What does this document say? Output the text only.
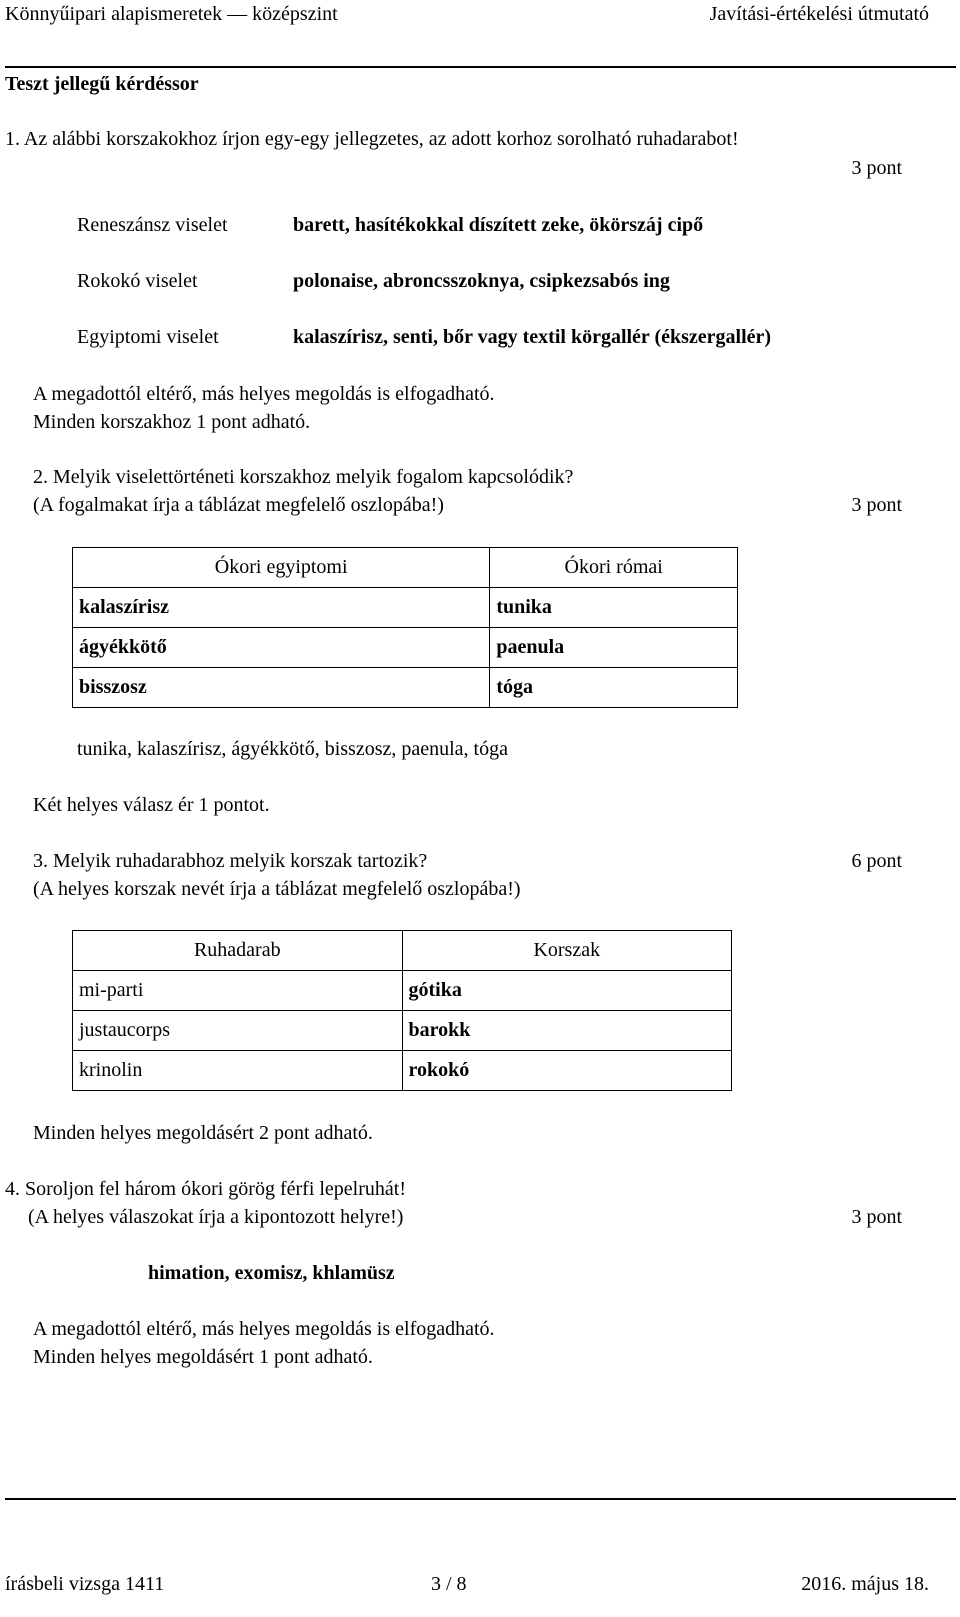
Könnyűipari alapismeretek — középszint	Javítási-értékelési útmutató
Teszt jellegű kérdéssor
1. Az alábbi korszakokhoz írjon egy-egy jellegzetes, az adott korhoz sorolható ruhadarabot!
3 pont
Reneszánsz viselet	barett, hasítékokkal díszített zeke, ökörszáj cipő
Rokokó viselet	polonaise, abroncsszoknya, csipkezsabós ing
Egyiptomi viselet	kalaszírisz, senti, bőr vagy textil körgallér (ékszergallér)
A megadottól eltérő, más helyes megoldás is elfogadható.
Minden korszakhoz 1 pont adható.
2. Melyik viselettörténeti korszakhoz melyik fogalom kapcsolódik?
(A fogalmakat írja a táblázat megfelelő oszlopába!)	3 pont
Ókori egyiptomi	Ókori római
kalaszírisz	tunika
ágyékkötő	paenula
bisszosz	tóga
tunika, kalaszírisz, ágyékkötő, bisszosz, paenula, tóga
Két helyes válasz ér 1 pontot.
3. Melyik ruhadarabhoz melyik korszak tartozik?	6 pont
(A helyes korszak nevét írja a táblázat megfelelő oszlopába!)
Ruhadarab	Korszak
mi-parti	gótika
justaucorps	barokk
krinolin	rokokó
Minden helyes megoldásért 2 pont adható.
4. Soroljon fel három ókori görög férfi lepelruhát!
(A helyes válaszokat írja a kipontozott helyre!)	3 pont
himation, exomisz, khlamüsz
A megadottól eltérő, más helyes megoldás is elfogadható.
Minden helyes megoldásért 1 pont adható.
írásbeli vizsga 1411	3 / 8	2016. május 18.
